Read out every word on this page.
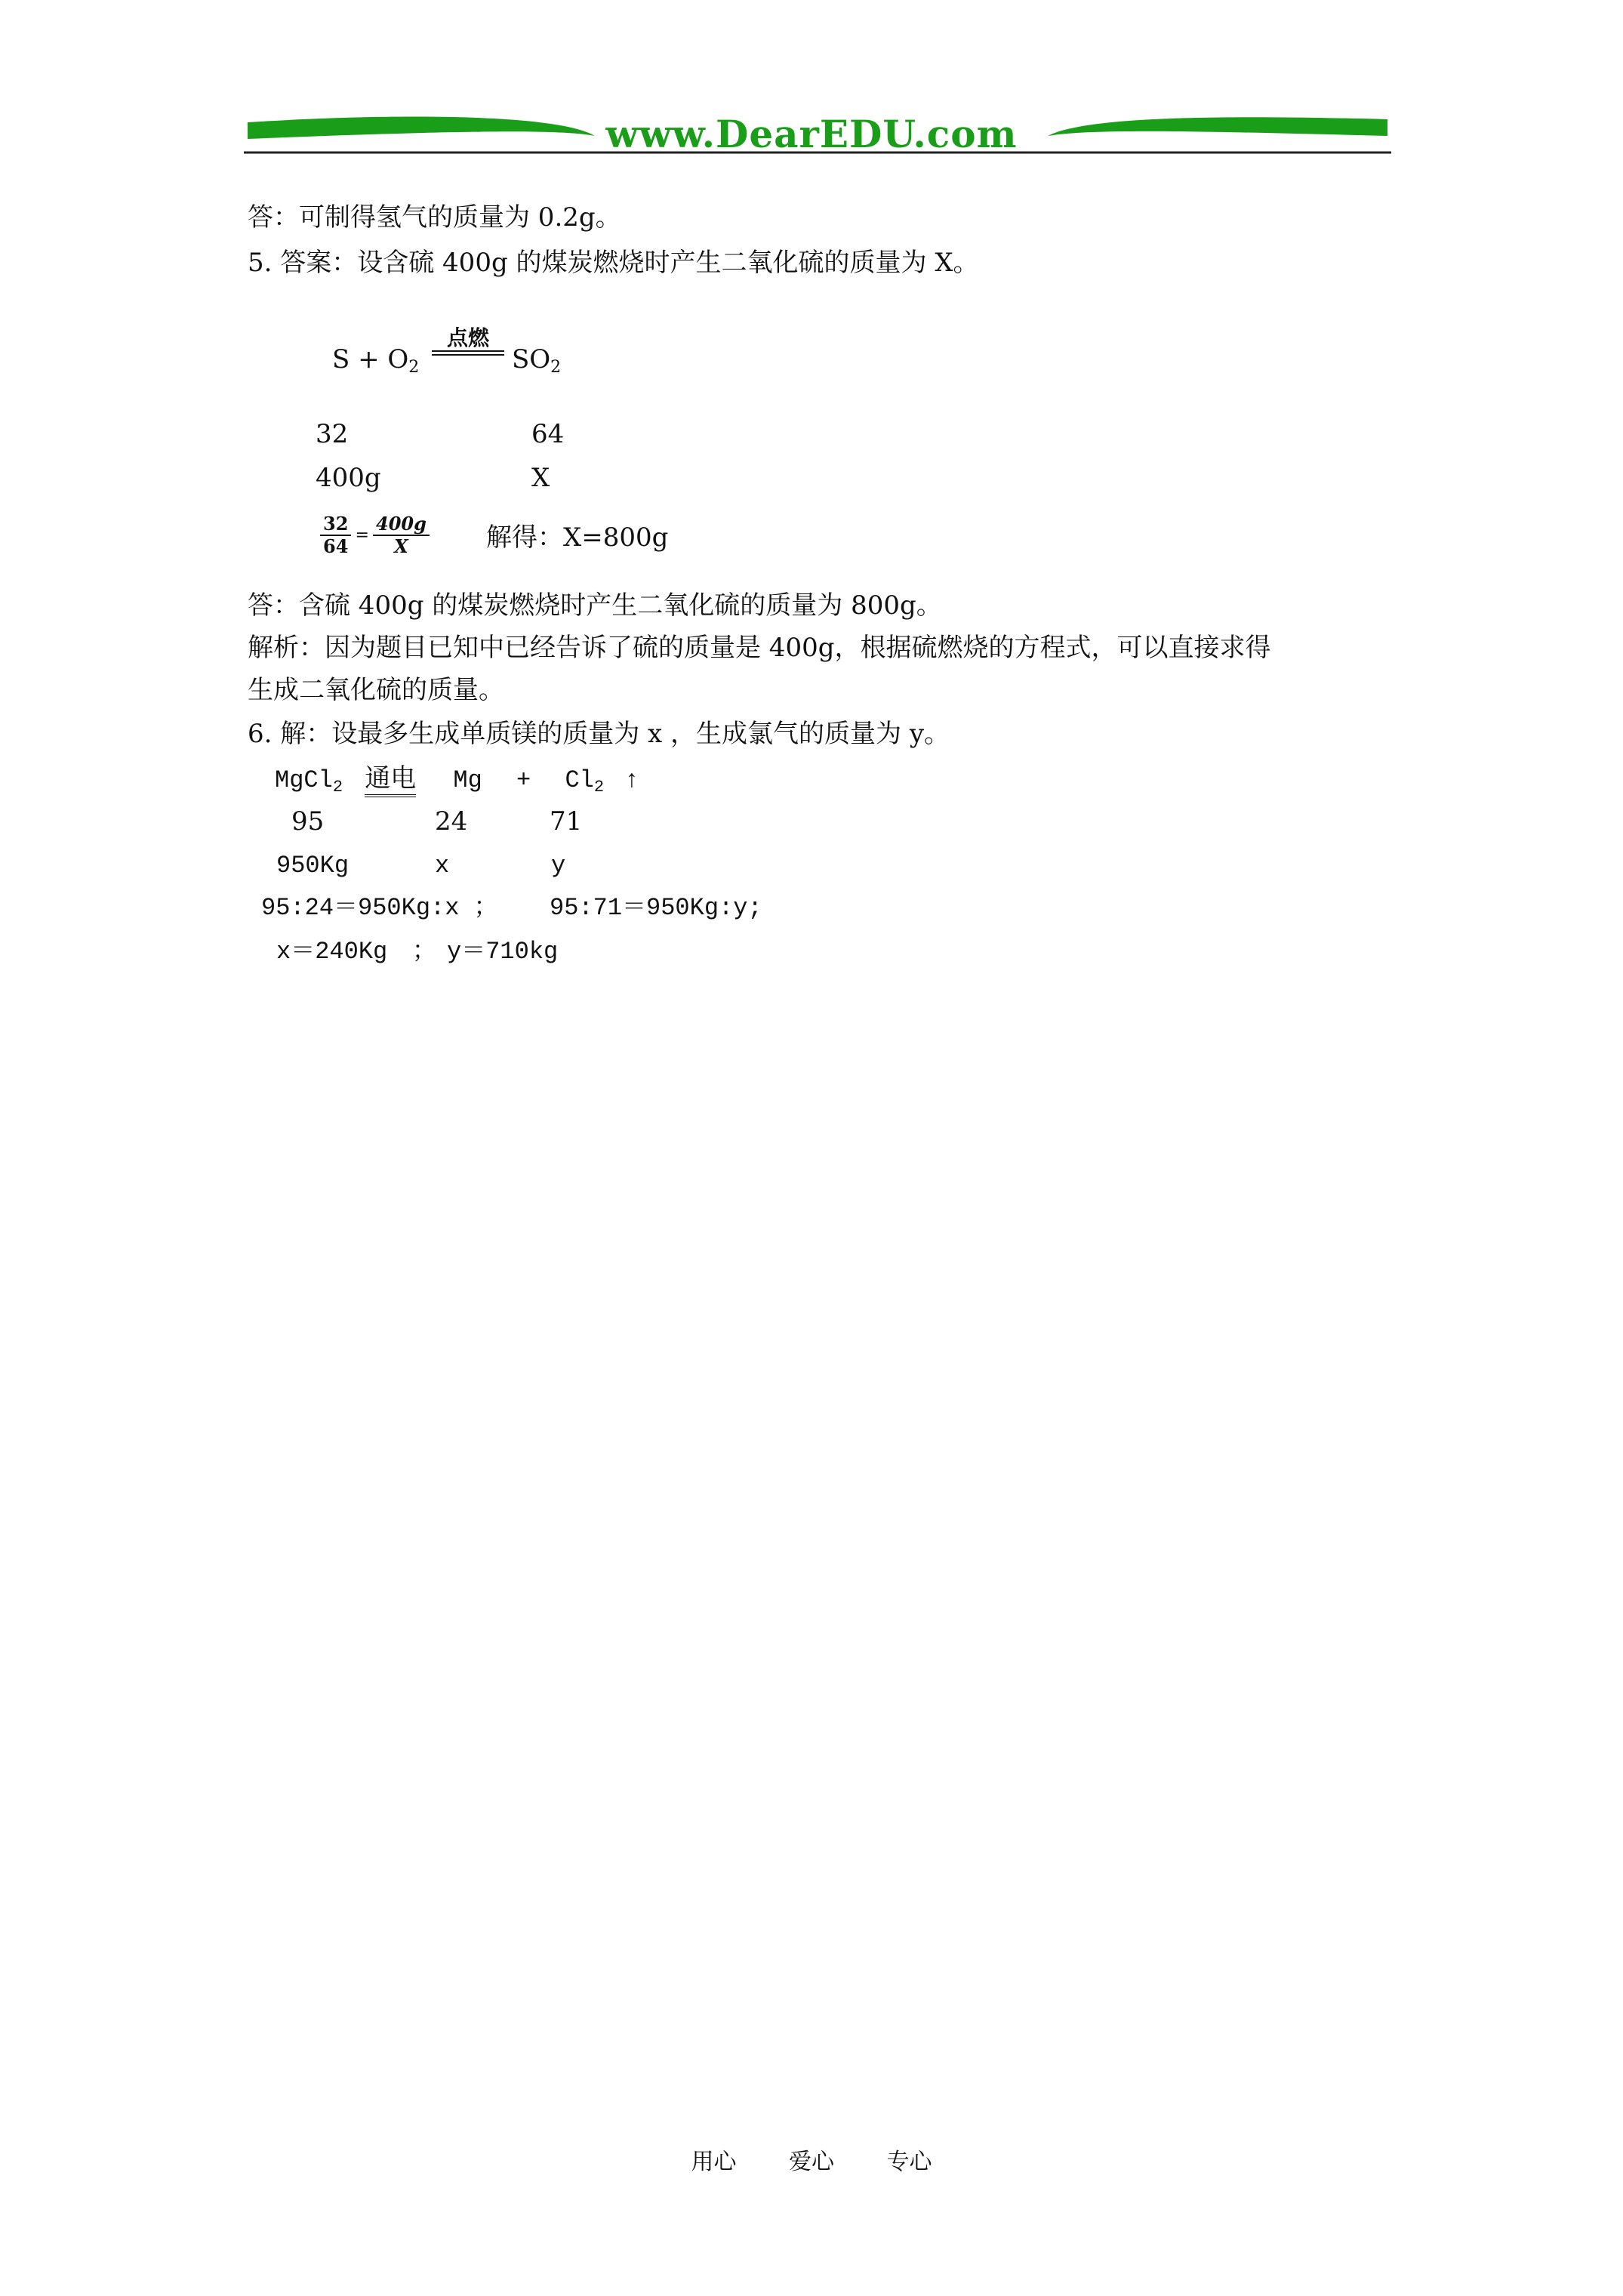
www.DearEDU.com
答：可制得氢气的质量为 0.2g。
5. 答案：设含硫 400g 的煤炭燃烧时产生二氧化硫的质量为 X。
$S + O_2$
点燃
$SO_2$
32	64
400g	X
$\frac{32}{64} = \frac{400g}{X}$ 解得：X=800g
答：含硫 400g 的煤炭燃烧时产生二氧化硫的质量为 800g。
解析：因为题目已知中已经告诉了硫的质量是 400g，根据硫燃烧的方程式，可以直接求得
生成二氧化硫的质量。
6. 解：设最多生成单质镁的质量为 x ，生成氯气的质量为 y。
MgCl$_2$ 通电 $Mg + Cl_2$ ↑
95	24	71
950Kg	x	y
95:24＝950Kg:x ； 95:71＝950Kg:y;
x＝240Kg ； y＝710kg
用心 爱心 专心
